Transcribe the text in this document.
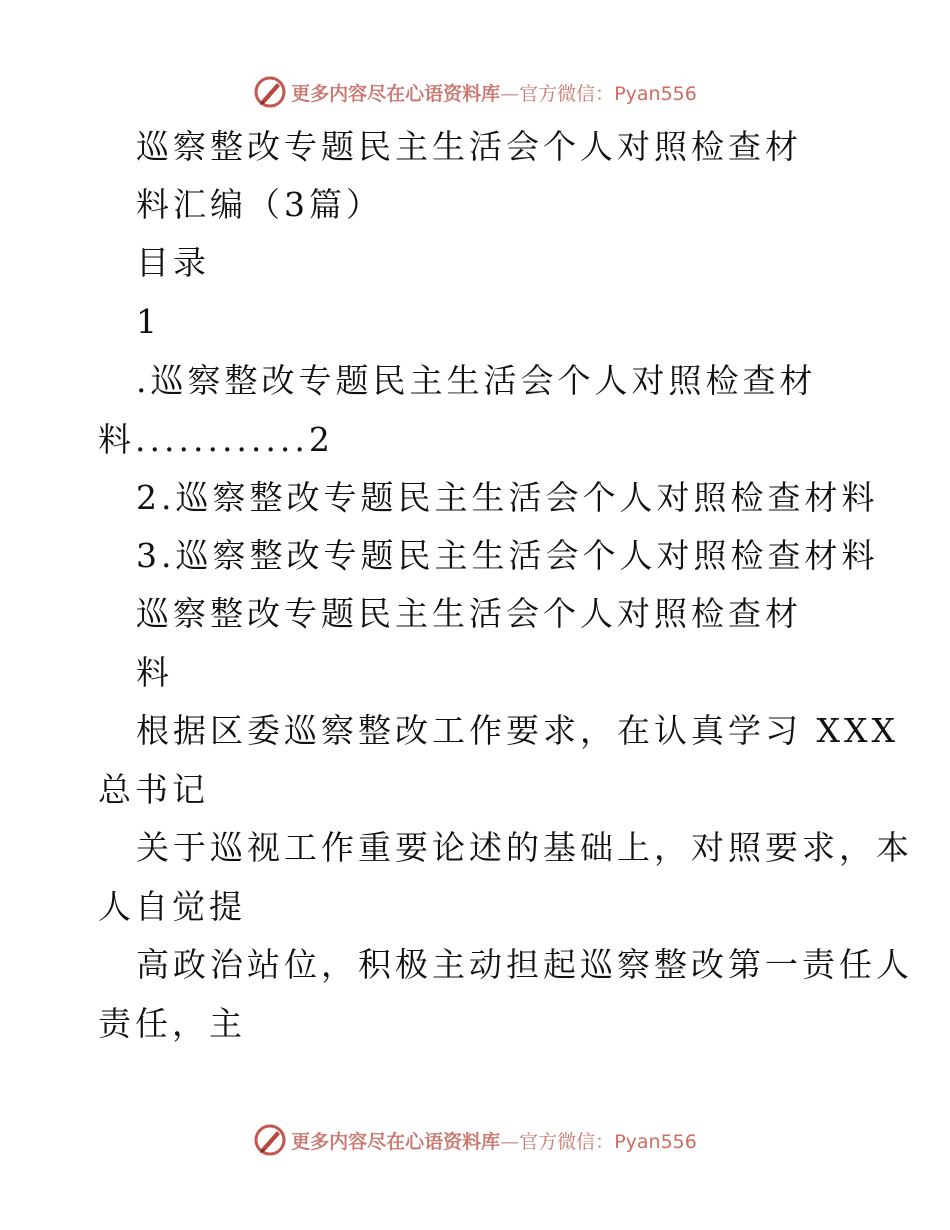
更多内容尽在心语资料库—官方微信：Pyan556
巡察整改专题民主生活会个人对照检查材
料汇编（3篇）
目录
1
.巡察整改专题民主生活会个人对照检查材
料............2
2.巡察整改专题民主生活会个人对照检查材料
3.巡察整改专题民主生活会个人对照检查材料
巡察整改专题民主生活会个人对照检查材
料
根据区委巡察整改工作要求，在认真学习 XXX
总书记
关于巡视工作重要论述的基础上，对照要求，本
人自觉提
高政治站位，积极主动担起巡察整改第一责任人
责任，主
更多内容尽在心语资料库—官方微信：Pyan556
